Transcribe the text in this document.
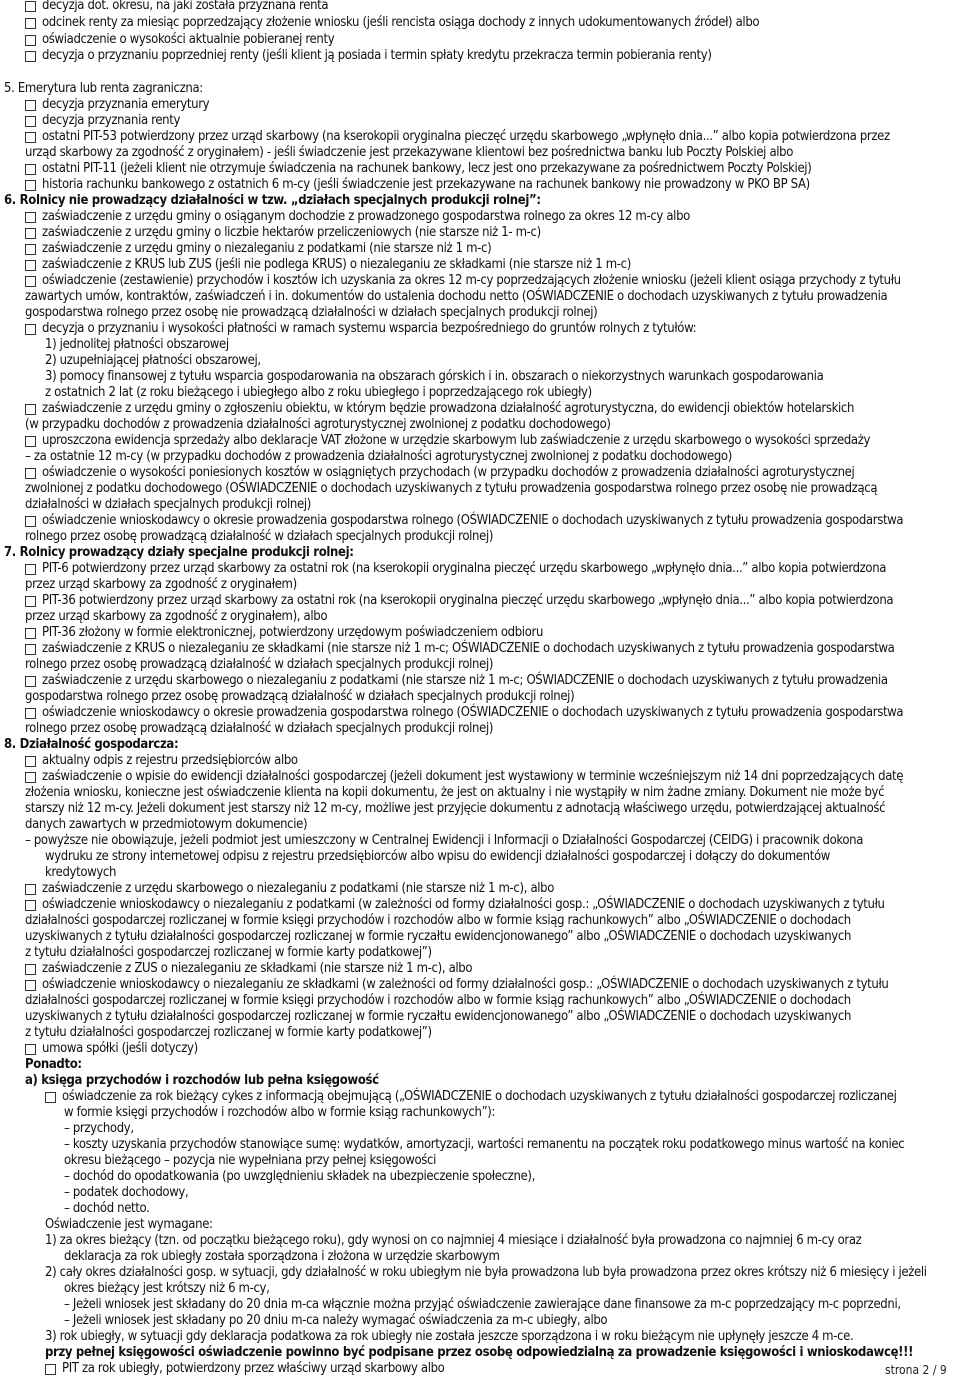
decyzja dot. okresu, na jaki została przyznana renta
odcinek renty za miesiąc poprzedzający złożenie wniosku (jeśli rencista osiąga dochody z innych udokumentowanych źródeł) albo
oświadczenie o wysokości aktualnie pobieranej renty
decyzja o przyznaniu poprzedniej renty (jeśli klient ją posiada i termin spłaty kredytu przekracza termin pobierania renty)
5. Emerytura lub renta zagraniczna:
decyzja przyznania emerytury
decyzja przyznania renty
ostatni PIT-53 potwierdzony przez urząd skarbowy (na kserokopii oryginalna pieczęć urzędu skarbowego „wpłynęło dnia...” albo kopia potwierdzona przez
urząd skarbowy za zgodność z oryginałem) - jeśli świadczenie jest przekazywane klientowi bez pośrednictwa banku lub Poczty Polskiej albo
ostatni PIT-11 (jeżeli klient nie otrzymuje świadczenia na rachunek bankowy, lecz jest ono przekazywane za pośrednictwem Poczty Polskiej)
historia rachunku bankowego z ostatnich 6 m-cy (jeśli świadczenie jest przekazywane na rachunek bankowy nie prowadzony w PKO BP SA)
6. Rolnicy nie prowadzący działalności w tzw. „działach specjalnych produkcji rolnej”:
zaświadczenie z urzędu gminy o osiąganym dochodzie z prowadzonego gospodarstwa rolnego za okres 12 m-cy albo
zaświadczenie z urzędu gminy o liczbie hektarów przeliczeniowych (nie starsze niż 1- m-c)
zaświadczenie z urzędu gminy o niezaleganiu z podatkami (nie starsze niż 1 m-c)
zaświadczenie z KRUS lub ZUS (jeśli nie podlega KRUS) o niezaleganiu ze składkami (nie starsze niż 1 m-c)
oświadczenie (zestawienie) przychodów i kosztów ich uzyskania za okres 12 m-cy poprzedzających złożenie wniosku (jeżeli klient osiąga przychody z tytułu
zawartych umów, kontraktów, zaświadczeń i in. dokumentów do ustalenia dochodu netto (OŚWIADCZENIE o dochodach uzyskiwanych z tytułu prowadzenia
gospodarstwa rolnego przez osobę nie prowadzącą działalności w działach specjalnych produkcji rolnej)
decyzja o przyznaniu i wysokości płatności w ramach systemu wsparcia bezpośredniego do gruntów rolnych z tytułów:
1) jednolitej płatności obszarowej
2) uzupełniającej płatności obszarowej,
3) pomocy finansowej z tytułu wsparcia gospodarowania na obszarach górskich i in. obszarach o niekorzystnych warunkach gospodarowania
z ostatnich 2 lat (z roku bieżącego i ubiegłego albo z roku ubiegłego i poprzedzającego rok ubiegły)
zaświadczenie z urzędu gminy o zgłoszeniu obiektu, w którym będzie prowadzona działalność agroturystyczna, do ewidencji obiektów hotelarskich
(w przypadku dochodów z prowadzenia działalności agroturystycznej zwolnionej z podatku dochodowego)
uproszczona ewidencja sprzedaży albo deklaracje VAT złożone w urzędzie skarbowym lub zaświadczenie z urzędu skarbowego o wysokości sprzedaży
– za ostatnie 12 m-cy (w przypadku dochodów z prowadzenia działalności agroturystycznej zwolnionej z podatku dochodowego)
oświadczenie o wysokości poniesionych kosztów w osiągniętych przychodach (w przypadku dochodów z prowadzenia działalności agroturystycznej
zwolnionej z podatku dochodowego (OŚWIADCZENIE o dochodach uzyskiwanych z tytułu prowadzenia gospodarstwa rolnego przez osobę nie prowadzącą
działalności w działach specjalnych produkcji rolnej)
oświadczenie wnioskodawcy o okresie prowadzenia gospodarstwa rolnego (OŚWIADCZENIE o dochodach uzyskiwanych z tytułu prowadzenia gospodarstwa
rolnego przez osobę prowadzącą działalność w działach specjalnych produkcji rolnej)
7. Rolnicy prowadzący działy specjalne produkcji rolnej:
PIT-6 potwierdzony przez urząd skarbowy za ostatni rok (na kserokopii oryginalna pieczęć urzędu skarbowego „wpłynęło dnia...” albo kopia potwierdzona
przez urząd skarbowy za zgodność z oryginałem)
PIT-36 potwierdzony przez urząd skarbowy za ostatni rok (na kserokopii oryginalna pieczęć urzędu skarbowego „wpłynęło dnia...” albo kopia potwierdzona
przez urząd skarbowy za zgodność z oryginałem), albo
PIT-36 złożony w formie elektronicznej, potwierdzony urzędowym poświadczeniem odbioru
zaświadczenie z KRUS o niezaleganiu ze składkami (nie starsze niż 1 m-c; OŚWIADCZENIE o dochodach uzyskiwanych z tytułu prowadzenia gospodarstwa
rolnego przez osobę prowadzącą działalność w działach specjalnych produkcji rolnej)
zaświadczenie z urzędu skarbowego o niezaleganiu z podatkami (nie starsze niż 1 m-c; OŚWIADCZENIE o dochodach uzyskiwanych z tytułu prowadzenia
gospodarstwa rolnego przez osobę prowadzącą działalność w działach specjalnych produkcji rolnej)
oświadczenie wnioskodawcy o okresie prowadzenia gospodarstwa rolnego (OŚWIADCZENIE o dochodach uzyskiwanych z tytułu prowadzenia gospodarstwa
rolnego przez osobę prowadzącą działalność w działach specjalnych produkcji rolnej)
8. Działalność gospodarcza:
aktualny odpis z rejestru przedsiębiorców albo
zaświadczenie o wpisie do ewidencji działalności gospodarczej (jeżeli dokument jest wystawiony w terminie wcześniejszym niż 14 dni poprzedzających datę
złożenia wniosku, konieczne jest oświadczenie klienta na kopii dokumentu, że jest on aktualny i nie wystąpiły w nim żadne zmiany. Dokument nie może być
starszy niż 12 m-cy. Jeżeli dokument jest starszy niż 12 m-cy, możliwe jest przyjęcie dokumentu z adnotacją właściwego urzędu, potwierdzającej aktualność
danych zawartych w przedmiotowym dokumencie)
– powyższe nie obowiązuje, jeżeli podmiot jest umieszczony w Centralnej Ewidencji i Informacji o Działalności Gospodarczej (CEIDG) i pracownik dokona
wydruku ze strony internetowej odpisu z rejestru przedsiębiorców albo wpisu do ewidencji działalności gospodarczej i dołączy do dokumentów
kredytowych
zaświadczenie z urzędu skarbowego o niezaleganiu z podatkami (nie starsze niż 1 m-c), albo
oświadczenie wnioskodawcy o niezaleganiu z podatkami (w zależności od formy działalności gosp.: „OŚWIADCZENIE o dochodach uzyskiwanych z tytułu
działalności gospodarczej rozliczanej w formie księgi przychodów i rozchodów albo w formie ksiąg rachunkowych” albo „OŚWIADCZENIE o dochodach
uzyskiwanych z tytułu działalności gospodarczej rozliczanej w formie ryczałtu ewidencjonowanego” albo „OŚWIADCZENIE o dochodach uzyskiwanych
z tytułu działalności gospodarczej rozliczanej w formie karty podatkowej”)
zaświadczenie z ZUS o niezaleganiu ze składkami (nie starsze niż 1 m-c), albo
oświadczenie wnioskodawcy o niezaleganiu ze składkami (w zależności od formy działalności gosp.: „OŚWIADCZENIE o dochodach uzyskiwanych z tytułu
działalności gospodarczej rozliczanej w formie księgi przychodów i rozchodów albo w formie ksiąg rachunkowych” albo „OŚWIADCZENIE o dochodach
uzyskiwanych z tytułu działalności gospodarczej rozliczanej w formie ryczałtu ewidencjonowanego” albo „OŚWIADCZENIE o dochodach uzyskiwanych
z tytułu działalności gospodarczej rozliczanej w formie karty podatkowej”)
umowa spółki (jeśli dotyczy)
Ponadto:
a) księga przychodów i rozchodów lub pełna księgowość
oświadczenie za rok bieżący cykes z informacją obejmującą („OŚWIADCZENIE o dochodach uzyskiwanych z tytułu działalności gospodarczej rozliczanej
w formie księgi przychodów i rozchodów albo w formie ksiąg rachunkowych”):
– przychody,
– koszty uzyskania przychodów stanowiące sumę: wydatków, amortyzacji, wartości remanentu na początek roku podatkowego minus wartość na koniec
okresu bieżącego – pozycja nie wypełniana przy pełnej księgowości
– dochód do opodatkowania (po uwzględnieniu składek na ubezpieczenie społeczne),
– podatek dochodowy,
– dochód netto.
Oświadczenie jest wymagane:
1) za okres bieżący (tzn. od początku bieżącego roku), gdy wynosi on co najmniej 4 miesiące i działalność była prowadzona co najmniej 6 m-cy oraz
deklaracja za rok ubiegły została sporządzona i złożona w urzędzie skarbowym
2) cały okres działalności gosp. w sytuacji, gdy działalność w roku ubiegłym nie była prowadzona lub była prowadzona przez okres krótszy niż 6 miesięcy i jeżeli
okres bieżący jest krótszy niż 6 m-cy,
– Jeżeli wniosek jest składany do 20 dnia m-ca włącznie można przyjąć oświadczenie zawierające dane finansowe za m-c poprzedzający m-c poprzedni,
– Jeżeli wniosek jest składany po 20 dniu m-ca należy wymagać oświadczenia za m-c ubiegły, albo
3) rok ubiegły, w sytuacji gdy deklaracja podatkowa za rok ubiegły nie została jeszcze sporządzona i w roku bieżącym nie upłynęły jeszcze 4 m-ce.
przy pełnej księgowości oświadczenie powinno być podpisane przez osobę odpowiedzialną za prowadzenie księgowości i wnioskodawcę!!!
PIT za rok ubiegły, potwierdzony przez właściwy urząd skarbowy albo	strona 2 / 9
